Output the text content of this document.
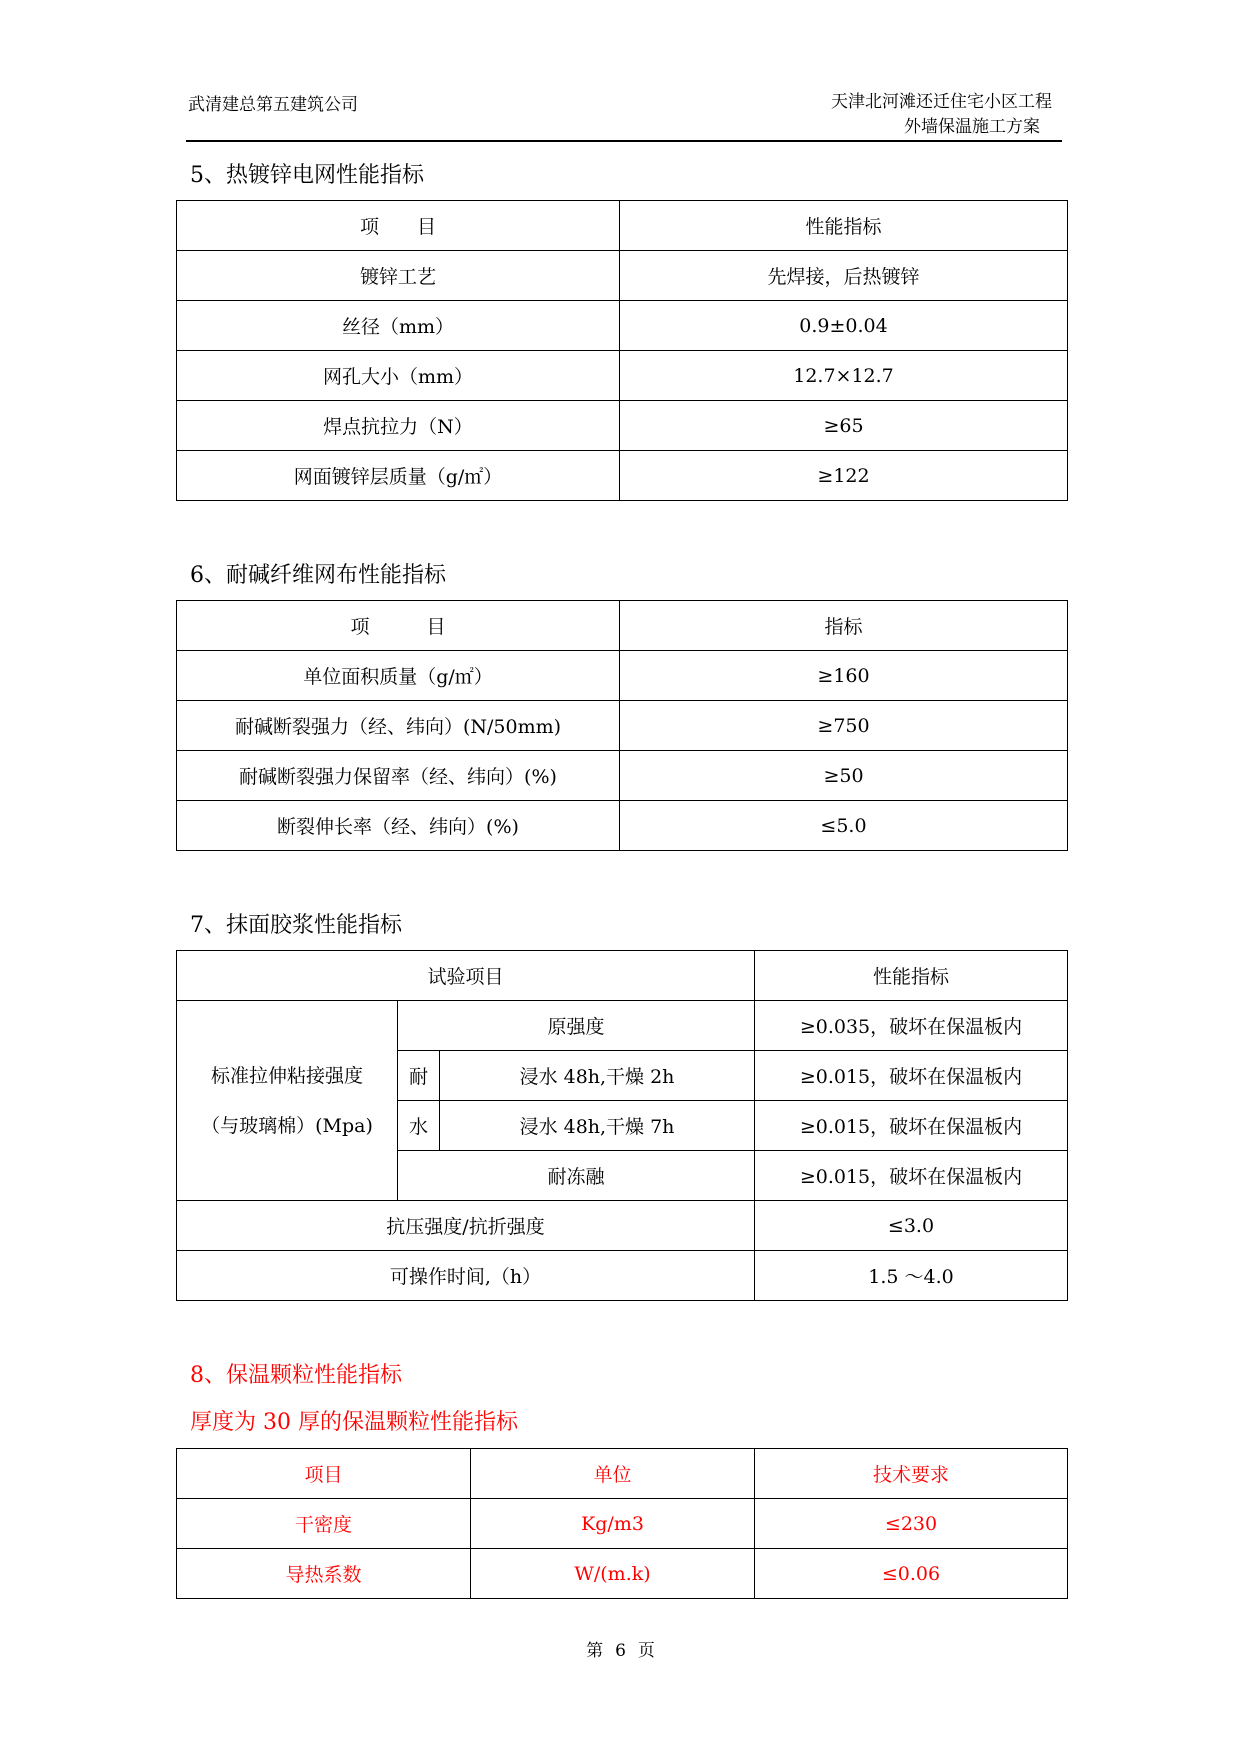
武清建总第五建筑公司	天津北河滩还迁住宅小区工程
外墙保温施工方案
5、热镀锌电网性能指标
项　　目	性能指标
镀锌工艺	先焊接，后热镀锌
丝径（mm）	0.9±0.04
网孔大小（mm）	12.7×12.7
焊点抗拉力（N）	≥65
网面镀锌层质量（g/㎡）	≥122
6、耐碱纤维网布性能指标
项　　　目	指标
单位面积质量（g/㎡）	≥160
耐碱断裂强力（经、纬向）(N/50mm)	≥750
耐碱断裂强力保留率（经、纬向）(%)	≥50
断裂伸长率（经、纬向）(%)	≤5.0
7、抹面胶浆性能指标
试验项目			性能指标

标准拉伸粘接强度
（与玻璃棉）(Mpa)	原强度		≥0.035，破坏在保温板内
	耐	浸水 48h,干燥 2h	≥0.015，破坏在保温板内
	水	浸水 48h,干燥 7h	≥0.015，破坏在保温板内
	耐冻融		≥0.015，破坏在保温板内
抗压强度/抗折强度			≤3.0
可操作时间,（h）			1.5 ～4.0
8、保温颗粒性能指标
厚度为 30 厚的保温颗粒性能指标
项目	单位	技术要求
干密度	Kg/m3	≤230
导热系数	W/(m.k)	≤0.06
第 6 页
